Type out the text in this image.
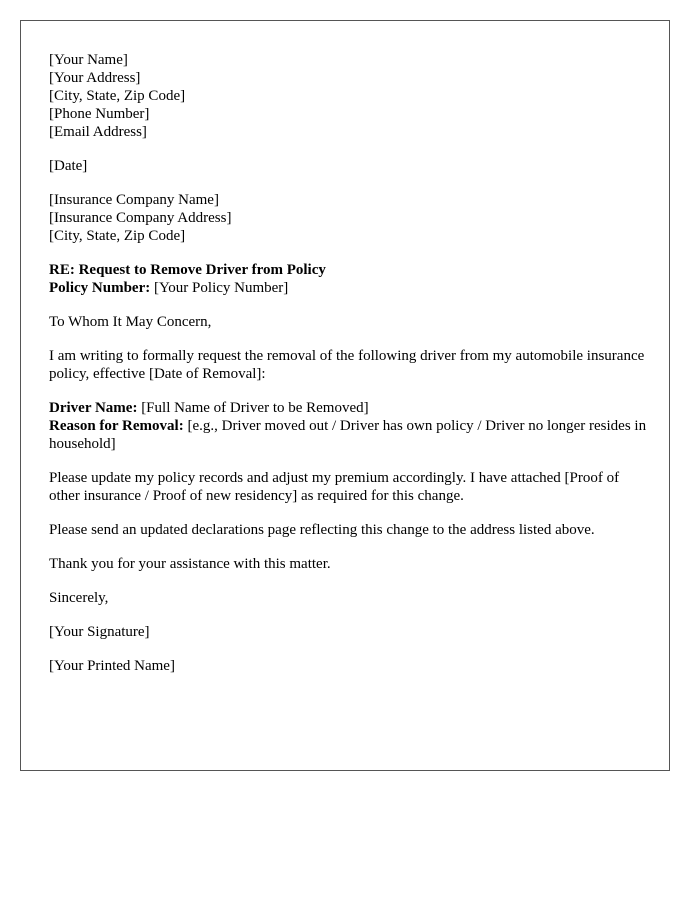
[Your Name]
[Your Address]
[City, State, Zip Code]
[Phone Number]
[Email Address]
[Date]
[Insurance Company Name]
[Insurance Company Address]
[City, State, Zip Code]
RE: Request to Remove Driver from Policy
Policy Number: [Your Policy Number]
To Whom It May Concern,
I am writing to formally request the removal of the following driver from my automobile insurance policy, effective [Date of Removal]:
Driver Name: [Full Name of Driver to be Removed]
Reason for Removal: [e.g., Driver moved out / Driver has own policy / Driver no longer resides in household]
Please update my policy records and adjust my premium accordingly. I have attached [Proof of other insurance / Proof of new residency] as required for this change.
Please send an updated declarations page reflecting this change to the address listed above.
Thank you for your assistance with this matter.
Sincerely,
[Your Signature]
[Your Printed Name]
